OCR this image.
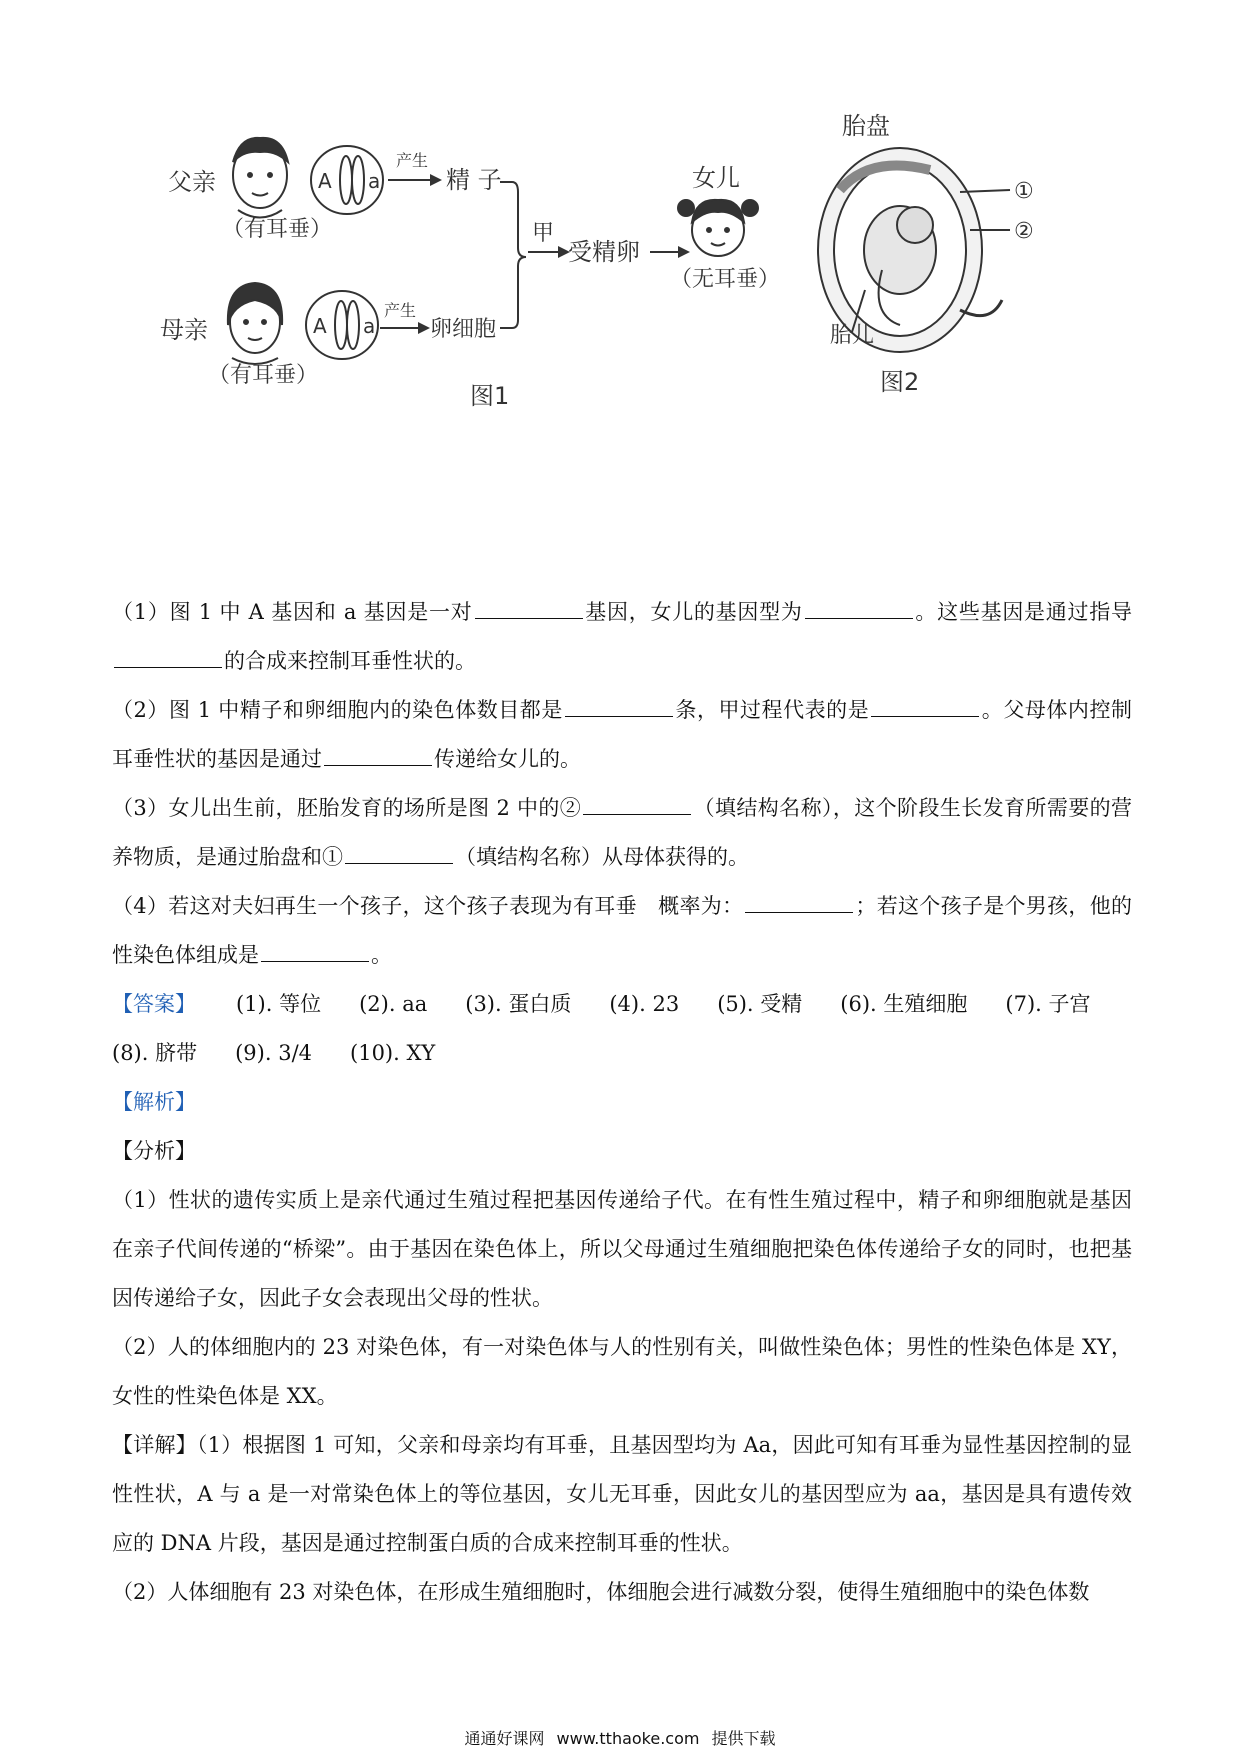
父亲
（有耳垂）
A a
产生
精 子
母亲
（有耳垂）
A a
产生
卵细胞
甲
受精卵
女儿
（无耳垂）
图1
胎盘
①
②
胎儿
图2

（1）图 1 中 A 基因和 a 基因是一对	基因，女儿的基因型为	。这些基因是通过指导的合成来控制耳垂性状的。

（2）图 1 中精子和卵细胞内的染色体数目都是	条，甲过程代表的是	。父母体内控制耳垂性状的基因是通过	传递给女儿的。

（3）女儿出生前，胚胎发育的场所是图 2 中的②	（填结构名称），这个阶段生长发育所需要的营养物质，是通过胎盘和①	（填结构名称）从母体获得的。

（4）若这对夫妇再生一个孩子，这个孩子表现为有耳垂　概率为：	；若这个孩子是个男孩，他的性染色体组成是	。

【答案】 (1). 等位 (2). aa (3). 蛋白质 (4). 23 (5). 受精 (6). 生殖细胞 (7). 子宫
(8). 脐带 (9). 3/4 (10). XY

【解析】

【分析】

（1）性状的遗传实质上是亲代通过生殖过程把基因传递给子代。在有性生殖过程中，精子和卵细胞就是基因在亲子代间传递的“桥梁”。由于基因在染色体上，所以父母通过生殖细胞把染色体传递给子女的同时，也把基因传递给子女，因此子女会表现出父母的性状。

（2）人的体细胞内的 23 对染色体，有一对染色体与人的性别有关，叫做性染色体；男性的性染色体是 XY，女性的性染色体是 XX。

【详解】（1）根据图 1 可知，父亲和母亲均有耳垂，且基因型均为 Aa，因此可知有耳垂为显性基因控制的显性性状，A 与 a 是一对常染色体上的等位基因，女儿无耳垂，因此女儿的基因型应为 aa，基因是具有遗传效应的 DNA 片段，基因是通过控制蛋白质的合成来控制耳垂的性状。

（2）人体细胞有 23 对染色体，在形成生殖细胞时，体细胞会进行减数分裂，使得生殖细胞中的染色体数

通通好课网 www.tthaoke.com 提供下载
